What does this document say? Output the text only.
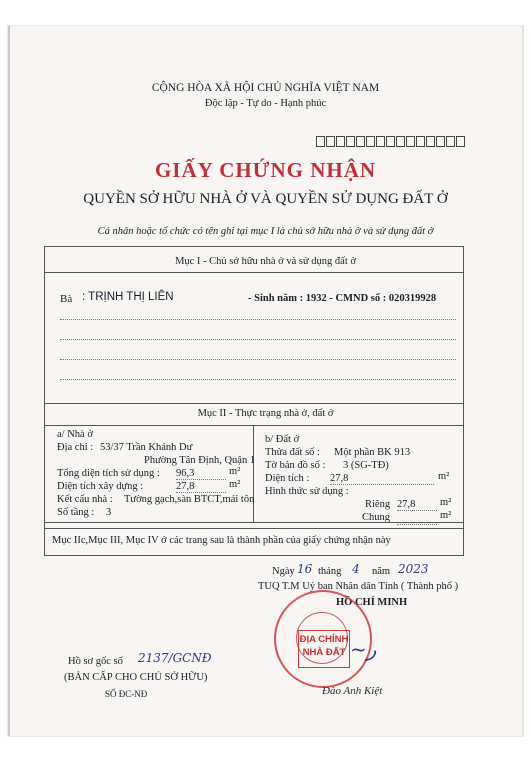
CỘNG HÒA XÃ HỘI CHỦ NGHĨA VIỆT NAM
Độc lập - Tự do - Hạnh phúc
GIẤY CHỨNG NHẬN
QUYỀN SỞ HỮU NHÀ Ở VÀ QUYỀN SỬ DỤNG ĐẤT Ở
Cá nhân hoặc tổ chức có tên ghi tại mục I là chủ sở hữu nhà ở và sử dụng đất ở
Mục I - Chủ sở hữu nhà ở và sử dụng đất ở
Bà : TRỊNH THỊ LIÊN	- Sinh năm : 1932 - CMND số : 020319928
Mục II - Thực trạng nhà ở, đất ở
a/ Nhà ở
Địa chỉ : 53/37 Trần Khánh Dư
Phường Tân Định, Quận 1
Tổng diện tích sử dụng : 96,3	m²
Diện tích xây dựng :	27,8	m²
Kết cấu nhà : Tường gạch,sàn BTCT,mái tôn
Số tầng : 3
b/ Đất ở
Thửa đất số : Một phần BK 913
Tờ bản đồ số : 3 (SG-TĐ)
Diện tích : 27,8	m²
Hình thức sử dụng :
Riêng 27,8	m²
Chung	m²
Mục IIc,Mục III, Mục IV ở các trang sau là thành phần của giấy chứng nhận này
Ngày 16 tháng 4 năm 2023
TUQ T.M Uỷ ban Nhân dân Tỉnh ( Thành phố )
HỒ CHÍ MINH
ĐỊA CHÍNH
NHÀ ĐẤT ~ر
Đào Anh Kiệt
Hồ sơ gốc số 2137/GCNĐ
(BẢN CẤP CHO CHỦ SỞ HỮU)
SỐ ĐC-NĐ
